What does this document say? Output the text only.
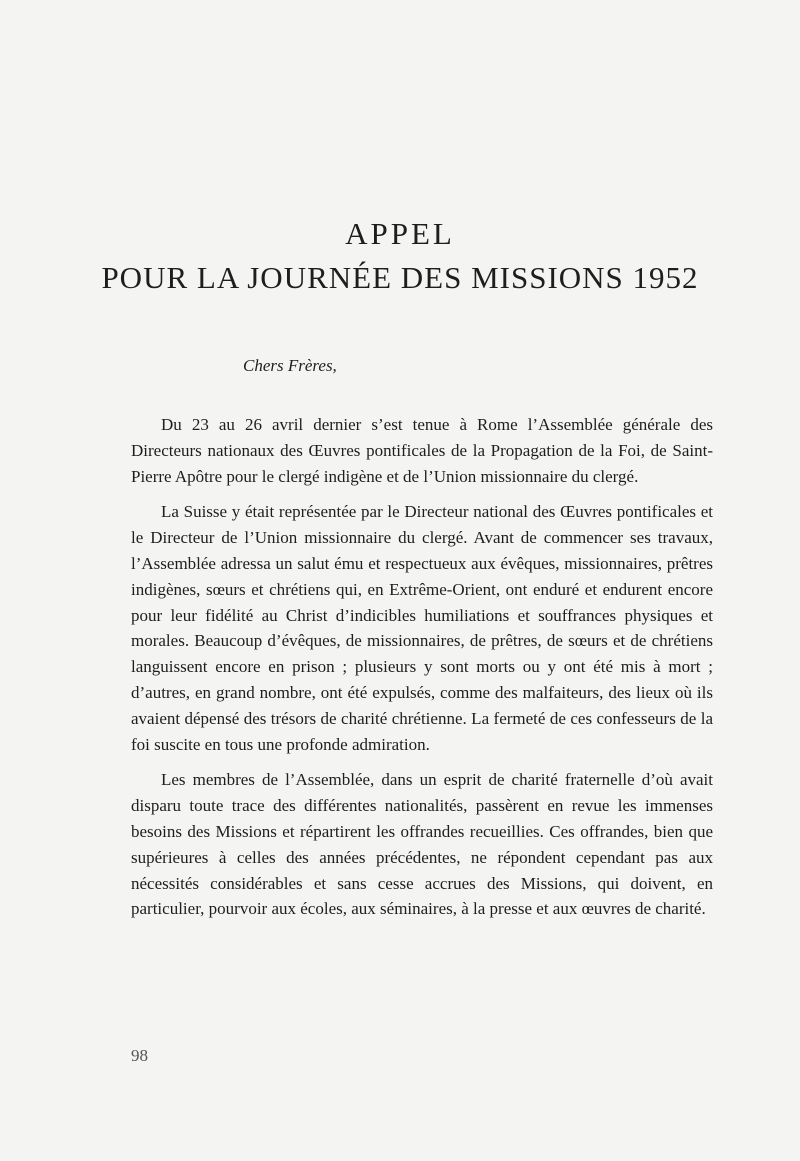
APPEL
POUR LA JOURNÉE DES MISSIONS 1952

Chers Frères,

Du 23 au 26 avril dernier s’est tenue à Rome l’Assemblée générale des Directeurs nationaux des Œuvres pontificales de la Propagation de la Foi, de Saint-Pierre Apôtre pour le clergé indigène et de l’Union missionnaire du clergé.

La Suisse y était représentée par le Directeur national des Œuvres pontificales et le Directeur de l’Union missionnaire du clergé. Avant de commencer ses travaux, l’Assemblée adressa un salut ému et respectueux aux évêques, missionnaires, prêtres indigènes, sœurs et chrétiens qui, en Extrême-Orient, ont enduré et endurent encore pour leur fidélité au Christ d’indicibles humiliations et souffrances physiques et morales. Beaucoup d’évêques, de missionnaires, de prêtres, de sœurs et de chrétiens languissent encore en prison ; plusieurs y sont morts ou y ont été mis à mort ; d’autres, en grand nombre, ont été expulsés, comme des malfaiteurs, des lieux où ils avaient dépensé des trésors de charité chrétienne. La fermeté de ces confesseurs de la foi suscite en tous une profonde admiration.

Les membres de l’Assemblée, dans un esprit de charité fraternelle d’où avait disparu toute trace des différentes nationalités, passèrent en revue les immenses besoins des Missions et répartirent les offrandes recueillies. Ces offrandes, bien que supérieures à celles des années précédentes, ne répondent cependant pas aux nécessités considérables et sans cesse accrues des Missions, qui doivent, en particulier, pourvoir aux écoles, aux séminaires, à la presse et aux œuvres de charité.

98
